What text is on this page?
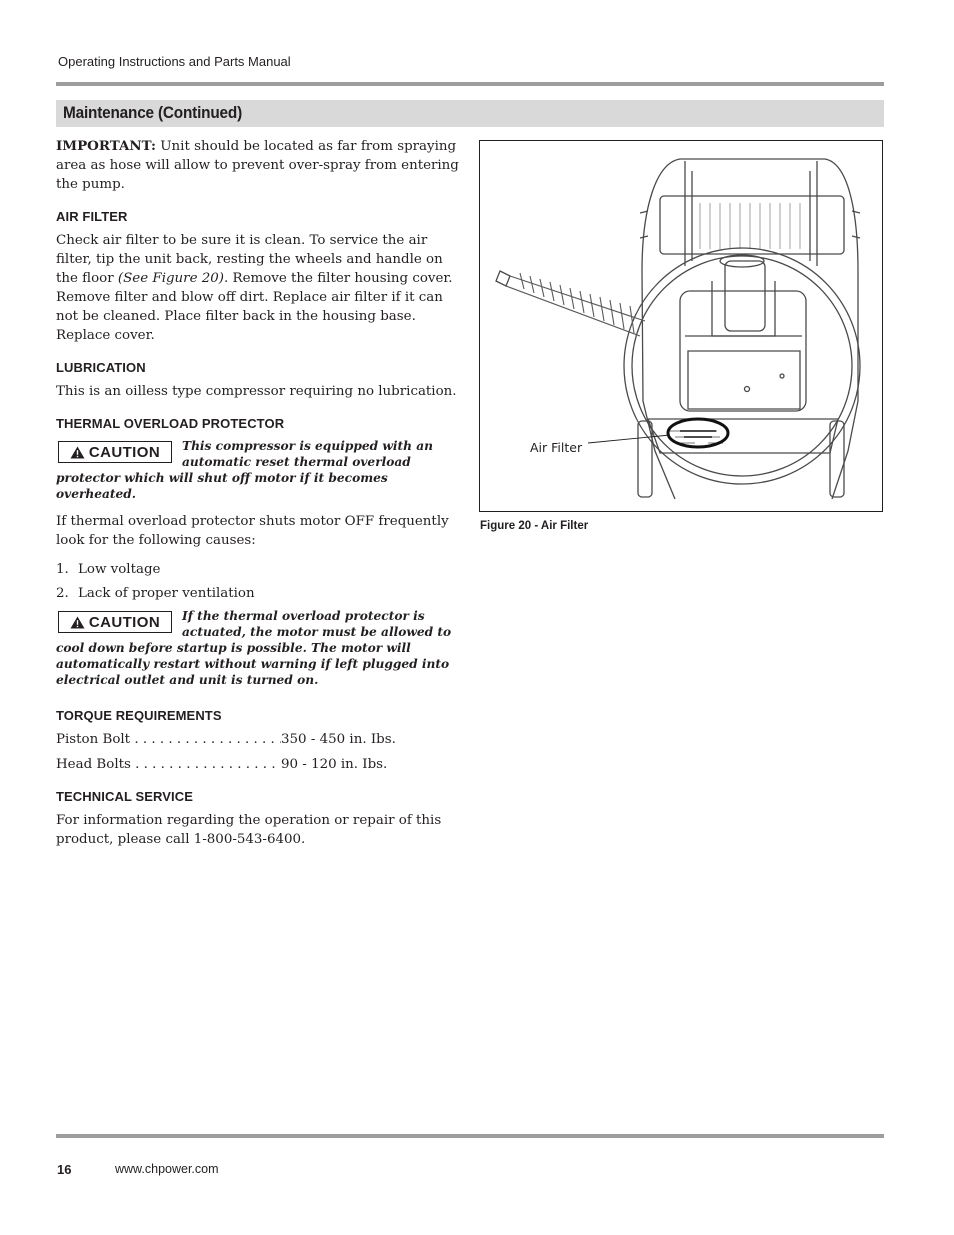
Operating Instructions and Parts Manual
Maintenance (Continued)

IMPORTANT: Unit should be located as far from spraying area as hose will allow to prevent over-spray from entering the pump.

AIR FILTER

Check air filter to be sure it is clean. To service the air filter, tip the unit back, resting the wheels and handle on the floor (See Figure 20). Remove the filter housing cover. Remove filter and blow off dirt. Replace air filter if it can not be cleaned. Place filter back in the housing base. Replace cover.

LUBRICATION

This is an oilless type compressor requiring no lubrication.

THERMAL OVERLOAD PROTECTOR
CAUTION	This compressor is equipped with an automatic reset thermal overload protector which will shut off motor if it becomes overheated.

If thermal overload protector shuts motor OFF frequently look for the following causes:

1. Low voltage
2. Lack of proper ventilation
CAUTION	If the thermal overload protector is actuated, the motor must be allowed to cool down before startup is possible. The motor will automatically restart without warning if left plugged into electrical outlet and unit is turned on.

TORQUE REQUIREMENTS
Piston Bolt . . .	350 - 450 in. Ibs.
Head Bolts . . .	90 - 120 in. Ibs.
TECHNICAL SERVICE

For information regarding the operation or repair of this product, please call 1-800-543-6400.

Air Filter
Figure 20 - Air Filter
16	www.chpower.com
